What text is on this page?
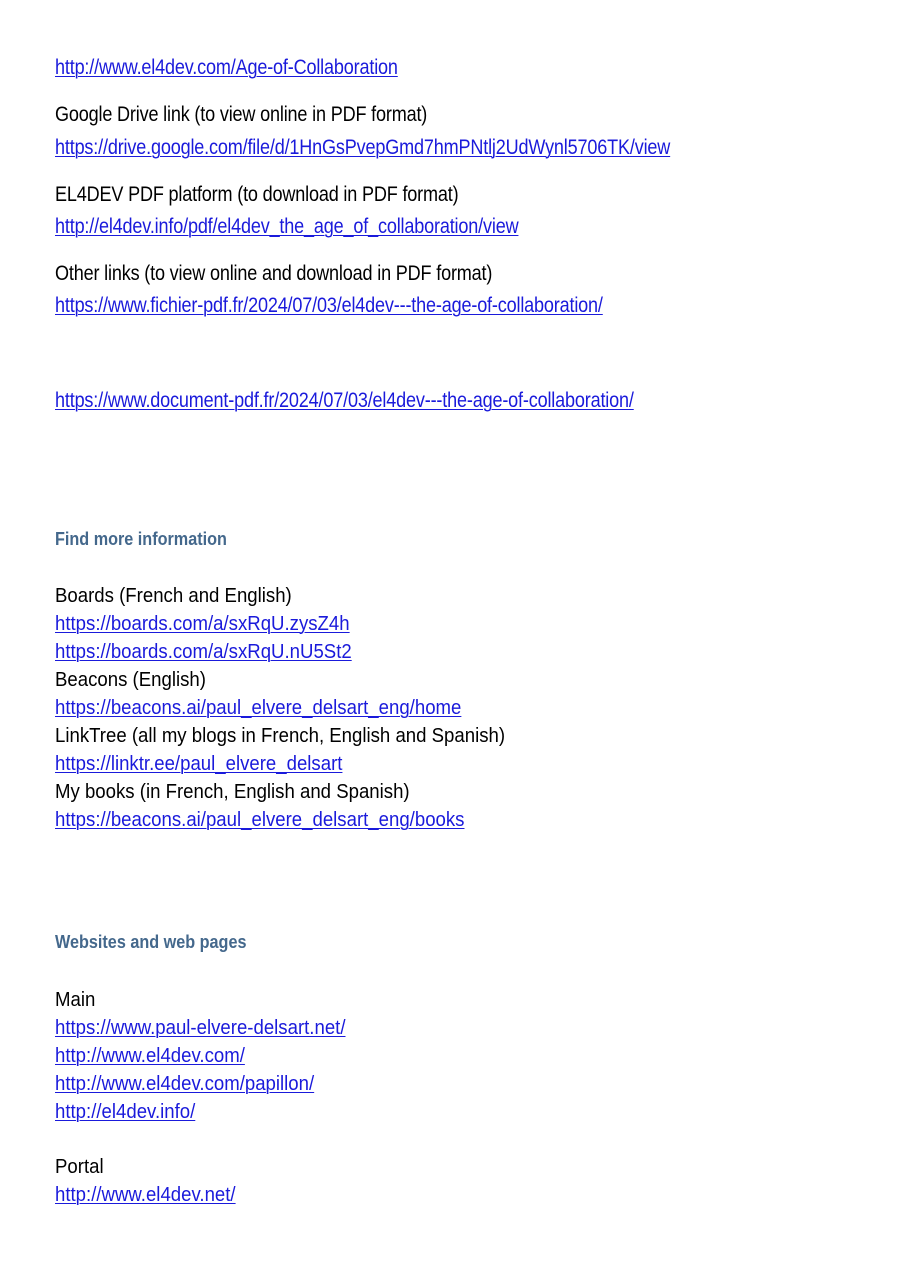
http://www.el4dev.com/Age-of-Collaboration
Google Drive link (to view online in PDF format)
https://drive.google.com/file/d/1HnGsPvepGmd7hmPNtlj2UdWynl5706TK/view
EL4DEV PDF platform (to download in PDF format)
http://el4dev.info/pdf/el4dev_the_age_of_collaboration/view
Other links (to view online and download in PDF format)
https://www.fichier-pdf.fr/2024/07/03/el4dev---the-age-of-collaboration/
https://www.document-pdf.fr/2024/07/03/el4dev---the-age-of-collaboration/
Find more information
Boards (French and English)
https://boards.com/a/sxRqU.zysZ4h
https://boards.com/a/sxRqU.nU5St2
Beacons (English)
https://beacons.ai/paul_elvere_delsart_eng/home
LinkTree (all my blogs in French, English and Spanish)
https://linktr.ee/paul_elvere_delsart
My books (in French, English and Spanish)
https://beacons.ai/paul_elvere_delsart_eng/books
Websites and web pages
Main
https://www.paul-elvere-delsart.net/
http://www.el4dev.com/
http://www.el4dev.com/papillon/
http://el4dev.info/
Portal
http://www.el4dev.net/
